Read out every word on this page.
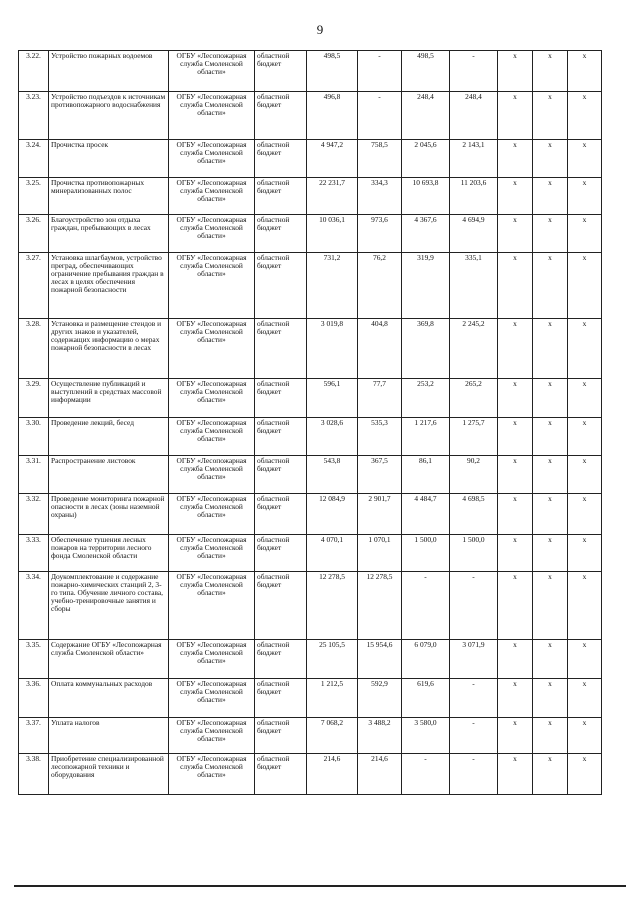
9
3.22.	Устройство пожарных водоемов	ОГБУ «Лесопожарная служба Смоленской области»	областной бюджет	498,5	-	498,5	-	x	x	x
3.23.	Устройство подъездов к источникам противопожарного водоснабжения	ОГБУ «Лесопожарная служба Смоленской области»	областной бюджет	496,8	-	248,4	248,4	x	x	x
3.24.	Прочистка просек	ОГБУ «Лесопожарная служба Смоленской области»	областной бюджет	4 947,2	758,5	2 045,6	2 143,1	x	x	x
3.25.	Прочистка противопожарных минерализованных полос	ОГБУ «Лесопожарная служба Смоленской области»	областной бюджет	22 231,7	334,3	10 693,8	11 203,6	x	x	x
3.26.	Благоустройство зон отдыха граждан, пребывающих в лесах	ОГБУ «Лесопожарная служба Смоленской области»	областной бюджет	10 036,1	973,6	4 367,6	4 694,9	x	x	x
3.27.	Установка шлагбаумов, устройство преград, обеспечивающих ограничение пребывания граждан в лесах в целях обеспечения пожарной безопасности	ОГБУ «Лесопожарная служба Смоленской области»	областной бюджет	731,2	76,2	319,9	335,1	x	x	x
3.28.	Установка и размещение стендов и других знаков и указателей, содержащих информацию о мерах пожарной безопасности в лесах	ОГБУ «Лесопожарная служба Смоленской области»	областной бюджет	3 019,8	404,8	369,8	2 245,2	x	x	x
3.29.	Осуществление публикаций и выступлений в средствах массовой информации	ОГБУ «Лесопожарная служба Смоленской области»	областной бюджет	596,1	77,7	253,2	265,2	x	x	x
3.30.	Проведение лекций, бесед	ОГБУ «Лесопожарная служба Смоленской области»	областной бюджет	3 028,6	535,3	1 217,6	1 275,7	x	x	x
3.31.	Распространение листовок	ОГБУ «Лесопожарная служба Смоленской области»	областной бюджет	543,8	367,5	86,1	90,2	x	x	x
3.32.	Проведение мониторинга пожарной опасности в лесах (зоны наземной охраны)	ОГБУ «Лесопожарная служба Смоленской области»	областной бюджет	12 084,9	2 901,7	4 484,7	4 698,5	x	x	x
3.33.	Обеспечение тушения лесных пожаров на территории лесного фонда Смоленской области	ОГБУ «Лесопожарная служба Смоленской области»	областной бюджет	4 070,1	1 070,1	1 500,0	1 500,0	x	x	x
3.34.	Доукомплектование и содержание пожарно-химических станций 2, 3-го типа. Обучение личного состава, учебно-тренировочные занятия и сборы	ОГБУ «Лесопожарная служба Смоленской области»	областной бюджет	12 278,5	12 278,5	-	-	x	x	x
3.35.	Содержание ОГБУ «Лесопожарная служба Смоленской области»	ОГБУ «Лесопожарная служба Смоленской области»	областной бюджет	25 105,5	15 954,6	6 079,0	3 071,9	x	x	x
3.36.	Оплата коммунальных расходов	ОГБУ «Лесопожарная служба Смоленской области»	областной бюджет	1 212,5	592,9	619,6	-	x	x	x
3.37.	Уплата налогов	ОГБУ «Лесопожарная служба Смоленской области»	областной бюджет	7 068,2	3 488,2	3 580,0	-	x	x	x
3.38.	Приобретение специализированной лесопожарной техники и оборудования	ОГБУ «Лесопожарная служба Смоленской области»	областной бюджет	214,6	214,6	-	-	x	x	x
